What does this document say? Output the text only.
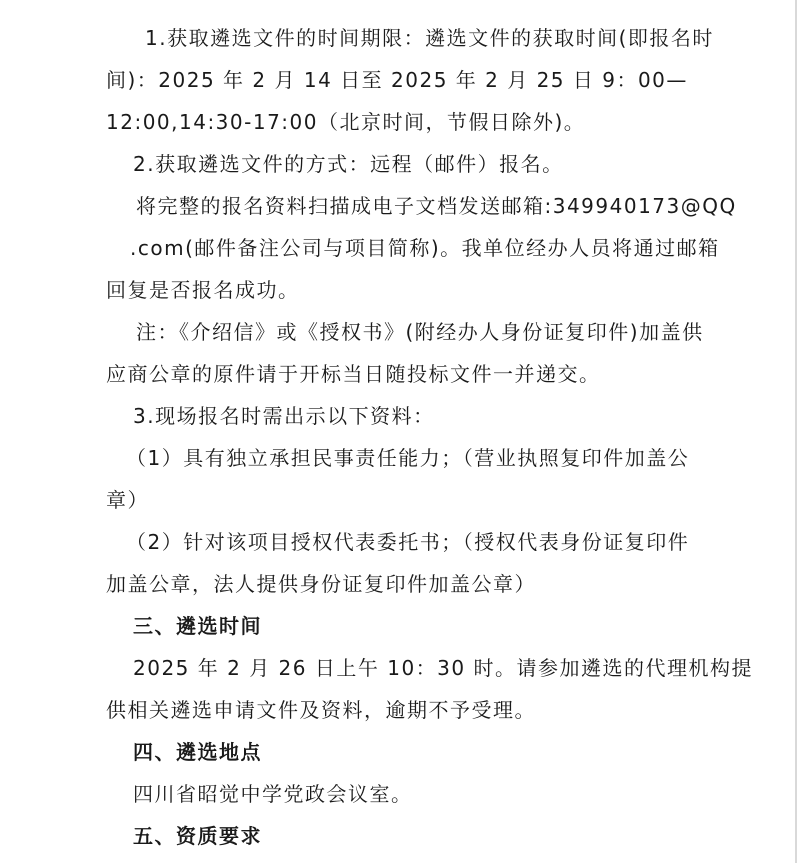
1.获取遴选文件的时间期限：遴选文件的获取时间(即报名时
间)：2025 年 2 月 14 日至 2025 年 2 月 25 日 9：00—
12:00,14:30-17:00（北京时间，节假日除外)。
2.获取遴选文件的方式：远程（邮件）报名。
将完整的报名资料扫描成电子文档发送邮箱:349940173@QQ
.com(邮件备注公司与项目简称)。我单位经办人员将通过邮箱
回复是否报名成功。
注：《介绍信》或《授权书》(附经办人身份证复印件)加盖供
应商公章的原件请于开标当日随投标文件一并递交。
3.现场报名时需出示以下资料：
（1）具有独立承担民事责任能力；（营业执照复印件加盖公
章）
（2）针对该项目授权代表委托书；（授权代表身份证复印件
加盖公章，法人提供身份证复印件加盖公章）
三、遴选时间
2025 年 2 月 26 日上午 10：30 时。请参加遴选的代理机构提
供相关遴选申请文件及资料，逾期不予受理。
四、遴选地点
四川省昭觉中学党政会议室。
五、资质要求
